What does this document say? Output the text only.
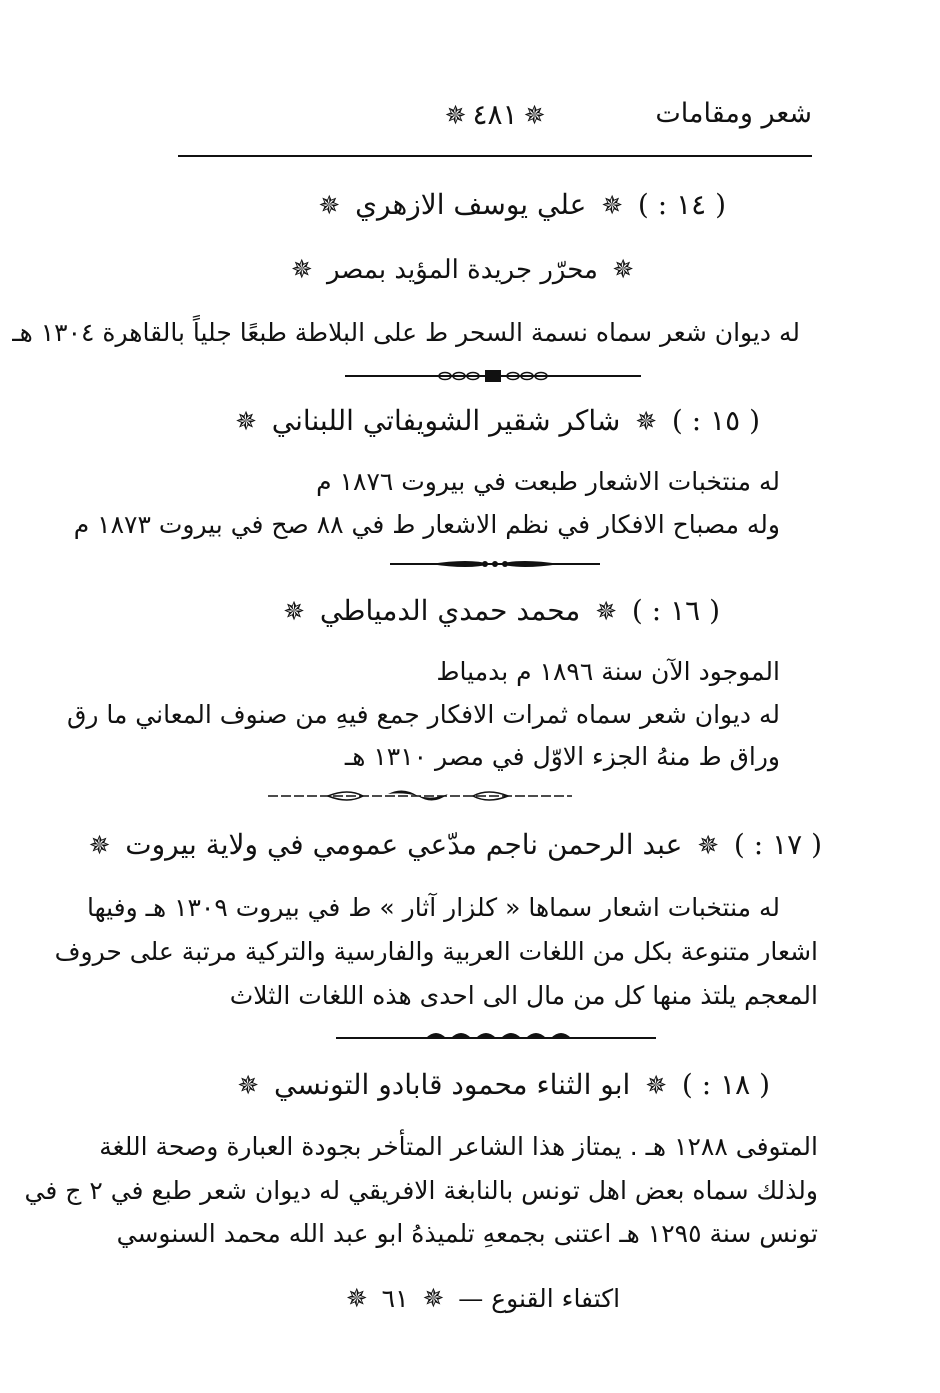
شعر ومقامات
✵٤٨١✵
( ١٤ : ) ✵ علي يوسف الازهري ✵
✵ محرّر جريدة المؤيد بمصر ✵
له ديوان شعر سماه نسمة السحر ط على البلاطة طبعًا جلياً بالقاهرة ١٣٠٤ هـ
( ١٥ : ) ✵ شاكر شقير الشويفاتي اللبناني ✵
له منتخبات الاشعار طبعت في بيروت ١٨٧٦ م
وله مصباح الافكار في نظم الاشعار ط في ٨٨ صح في بيروت ١٨٧٣ م
( ١٦ : ) ✵ محمد حمدي الدمياطي ✵
الموجود الآن سنة ١٨٩٦ م بدمياط
له ديوان شعر سماه ثمرات الافكار جمع فيهِ من صنوف المعاني ما رق
وراق ط منهُ الجزء الاوّل في مصر ١٣١٠ هـ
( ١٧ : ) ✵ عبد الرحمن ناجم مدّعي عمومي في ولاية بيروت ✵
له منتخبات اشعار سماها « كلزار آثار » ط في بيروت ١٣٠٩ هـ وفيها
اشعار متنوعة بكل من اللغات العربية والفارسية والتركية مرتبة على حروف
المعجم يلتذ منها كل من مال الى احدى هذه اللغات الثلاث
( ١٨ : ) ✵ ابو الثناء محمود قابادو التونسي ✵
المتوفى ١٢٨٨ هـ . يمتاز هذا الشاعر المتأخر بجودة العبارة وصحة اللغة
ولذلك سماه بعض اهل تونس بالنابغة الافريقي له ديوان شعر طبع في ٢ ج في
تونس سنة ١٢٩٥ هـ اعتنى بجمعهِ تلميذهُ ابو عبد الله محمد السنوسي
اكتفاء القنوع — ✵ ٦١ ✵
